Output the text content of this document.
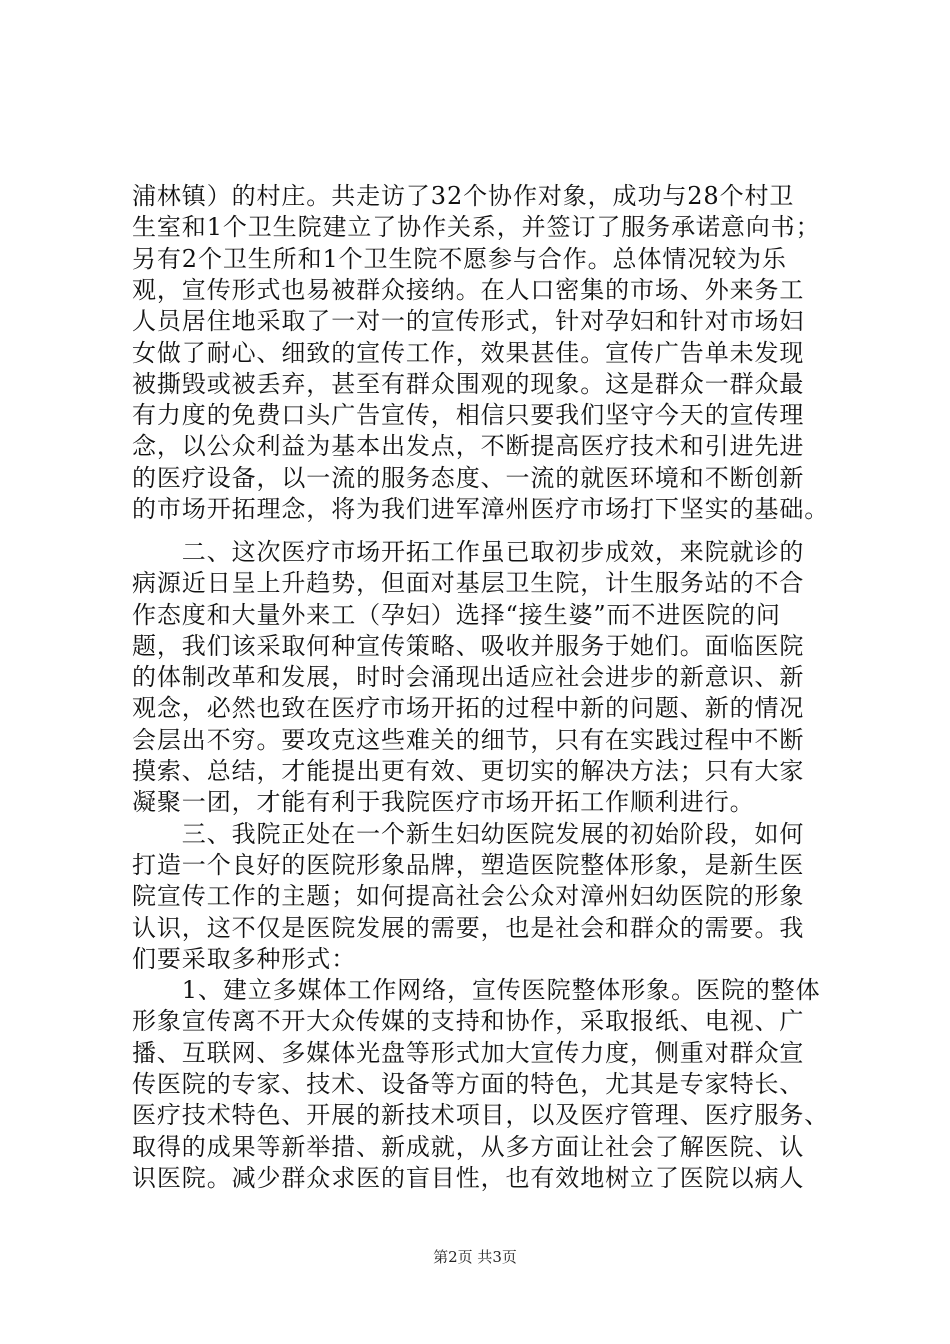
浦林镇）的村庄。共走访了32个协作对象，成功与28个村卫
生室和1个卫生院建立了协作关系，并签订了服务承诺意向书；
另有2个卫生所和1个卫生院不愿参与合作。总体情况较为乐
观，宣传形式也易被群众接纳。在人口密集的市场、外来务工
人员居住地采取了一对一的宣传形式，针对孕妇和针对市场妇
女做了耐心、细致的宣传工作，效果甚佳。宣传广告单未发现
被撕毁或被丢弃，甚至有群众围观的现象。这是群众一群众最
有力度的免费口头广告宣传，相信只要我们坚守今天的宣传理
念，以公众利益为基本出发点，不断提高医疗技术和引进先进
的医疗设备，以一流的服务态度、一流的就医环境和不断创新
的市场开拓理念，将为我们进军漳州医疗市场打下坚实的基础。
　　二、这次医疗市场开拓工作虽已取初步成效，来院就诊的
病源近日呈上升趋势，但面对基层卫生院，计生服务站的不合
作态度和大量外来工（孕妇）选择“接生婆”而不进医院的问
题，我们该采取何种宣传策略、吸收并服务于她们。面临医院
的体制改革和发展，时时会涌现出适应社会进步的新意识、新
观念，必然也致在医疗市场开拓的过程中新的问题、新的情况
会层出不穷。要攻克这些难关的细节，只有在实践过程中不断
摸索、总结，才能提出更有效、更切实的解决方法；只有大家
凝聚一团，才能有利于我院医疗市场开拓工作顺利进行。
　　三、我院正处在一个新生妇幼医院发展的初始阶段，如何
打造一个良好的医院形象品牌，塑造医院整体形象，是新生医
院宣传工作的主题；如何提高社会公众对漳州妇幼医院的形象
认识，这不仅是医院发展的需要，也是社会和群众的需要。我
们要采取多种形式：
　　1、建立多媒体工作网络，宣传医院整体形象。医院的整体
形象宣传离不开大众传媒的支持和协作，采取报纸、电视、广
播、互联网、多媒体光盘等形式加大宣传力度，侧重对群众宣
传医院的专家、技术、设备等方面的特色，尤其是专家特长、
医疗技术特色、开展的新技术项目，以及医疗管理、医疗服务、
取得的成果等新举措、新成就，从多方面让社会了解医院、认
识医院。减少群众求医的盲目性，也有效地树立了医院以病人
第2页 共3页
